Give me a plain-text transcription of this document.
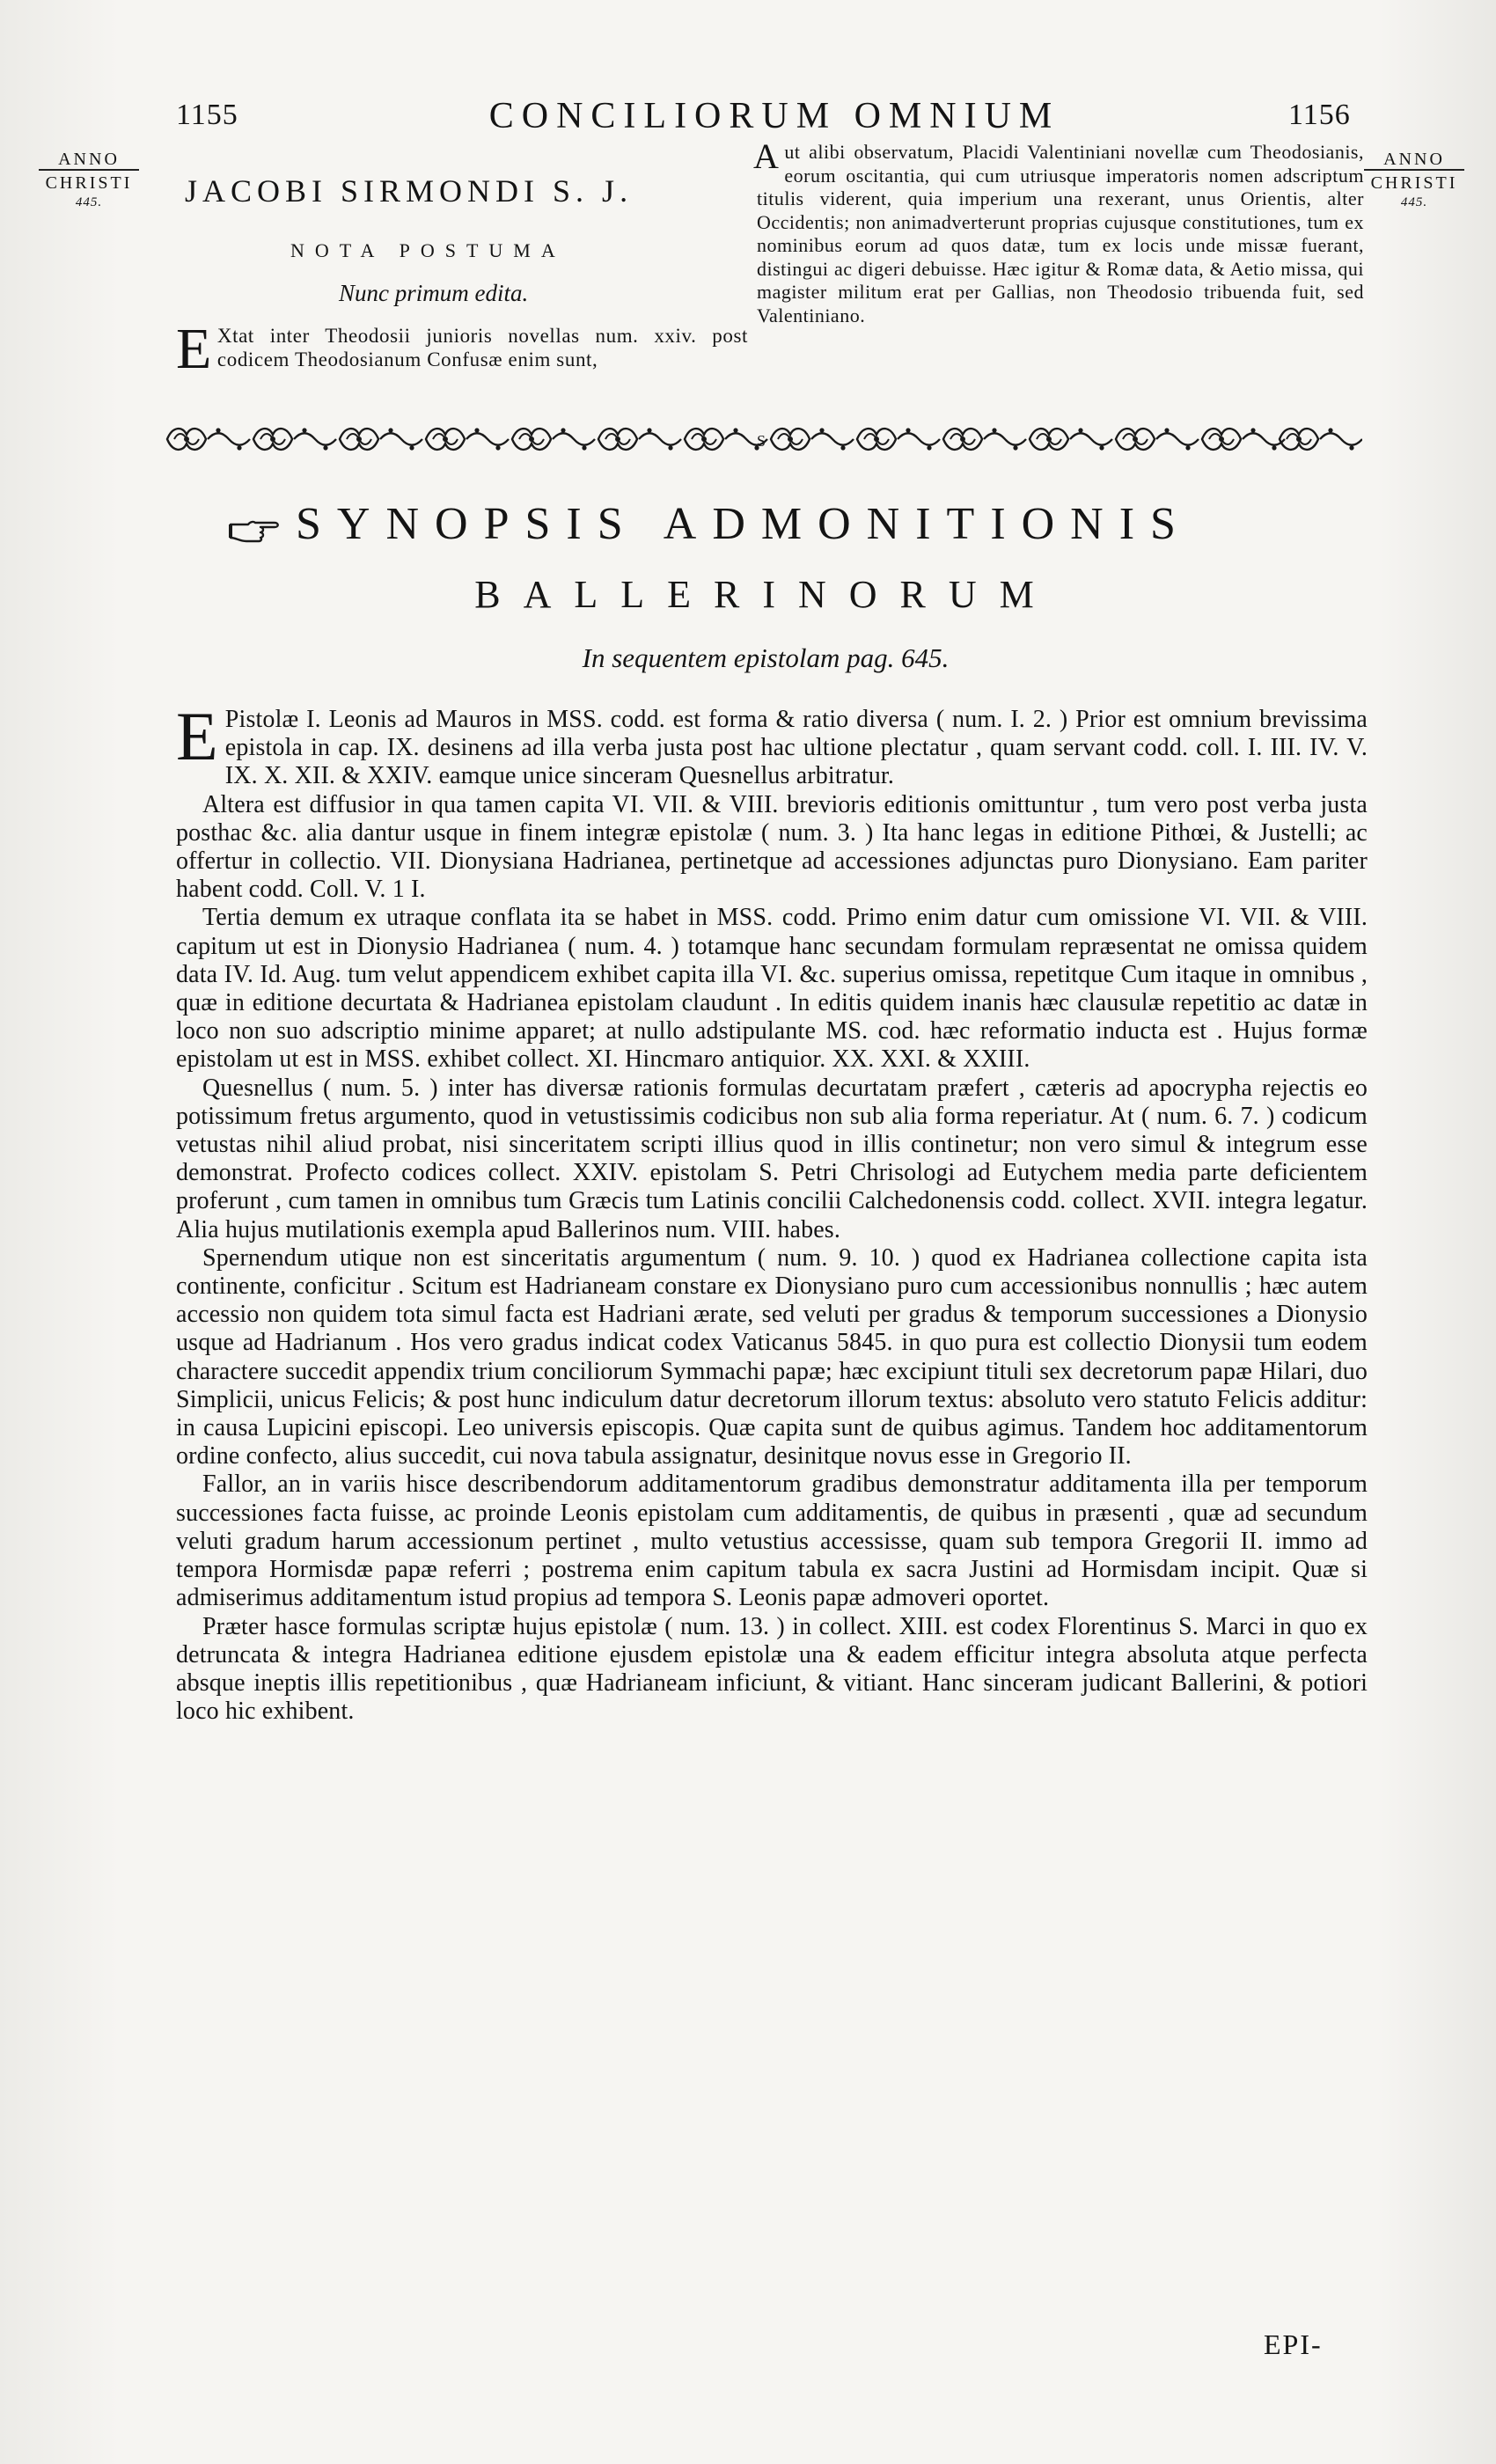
1155	CONCILIORUM OMNIUM	1156
ANNO
CHRISTI
445.
ANNO
CHRISTI
445.
JACOBI SIRMONDI S. J.
NOTA POSTUMA
Nunc primum edita.
E Xtat inter Theodosii junioris novellas num. xxiv. post codicem Theodosianum Confusæ enim sunt,
A ut alibi observatum, Placidi Valentiniani novellæ cum Theodosianis, eorum oscitantia, qui cum utriusque imperatoris nomen adscriptum titulis viderent, quia imperium una rexerant, unus Orientis, alter Occidentis; non animadverterunt proprias cujusque constitutiones, tum ex nominibus eorum ad quos datæ, tum ex locis unde missæ fuerant, distingui ac digeri debuisse. Hæc igitur & Romæ data, & Aetio missa, qui magister militum erat per Gallias, non Theodosio tribuenda fuit, sed Valentiniano.
S
SYNOPSIS ADMONITIONIS
BALLERINORUM
In sequentem epistolam pag. 645.

E Pistolæ I. Leonis ad Mauros in MSS. codd. est forma & ratio diversa ( num. I. 2. ) Prior est omnium brevissima epistola in cap. IX. desinens ad illa verba justa post hac ultione plectatur , quam servant codd. coll. I. III. IV. V. IX. X. XII. & XXIV. eamque unice sinceram Quesnellus arbitratur.

Altera est diffusior in qua tamen capita VI. VII. & VIII. brevioris editionis omittuntur , tum vero post verba justa posthac &c. alia dantur usque in finem integræ epistolæ ( num. 3. ) Ita hanc legas in editione Pithœi, & Justelli; ac offertur in collectio. VII. Dionysiana Hadrianea, pertinetque ad accessiones adjunctas puro Dionysiano. Eam pariter habent codd. Coll. V. 1 I.

Tertia demum ex utraque conflata ita se habet in MSS. codd. Primo enim datur cum omissione VI. VII. & VIII. capitum ut est in Dionysio Hadrianea ( num. 4. ) totamque hanc secundam formulam repræsentat ne omissa quidem data IV. Id. Aug. tum velut appendicem exhibet capita illa VI. &c. superius omissa, repetitque Cum itaque in omnibus , quæ in editione decurtata & Hadrianea epistolam claudunt . In editis quidem inanis hæc clausulæ repetitio ac datæ in loco non suo adscriptio minime apparet; at nullo adstipulante MS. cod. hæc reformatio inducta est . Hujus formæ epistolam ut est in MSS. exhibet collect. XI. Hincmaro antiquior. XX. XXI. & XXIII.

Quesnellus ( num. 5. ) inter has diversæ rationis formulas decurtatam præfert , cæteris ad apocrypha rejectis eo potissimum fretus argumento, quod in vetustissimis codicibus non sub alia forma reperiatur. At ( num. 6. 7. ) codicum vetustas nihil aliud probat, nisi sinceritatem scripti illius quod in illis continetur; non vero simul & integrum esse demonstrat. Profecto codices collect. XXIV. epistolam S. Petri Chrisologi ad Eutychem media parte deficientem proferunt , cum tamen in omnibus tum Græcis tum Latinis concilii Calchedonensis codd. collect. XVII. integra legatur. Alia hujus mutilationis exempla apud Ballerinos num. VIII. habes.

Spernendum utique non est sinceritatis argumentum ( num. 9. 10. ) quod ex Hadrianea collectione capita ista continente, conficitur . Scitum est Hadrianeam constare ex Dionysiano puro cum accessionibus nonnullis ; hæc autem accessio non quidem tota simul facta est Hadriani ærate, sed veluti per gradus & temporum successiones a Dionysio usque ad Hadrianum . Hos vero gradus indicat codex Vaticanus 5845. in quo pura est collectio Dionysii tum eodem charactere succedit appendix trium conciliorum Symmachi papæ; hæc excipiunt tituli sex decretorum papæ Hilari, duo Simplicii, unicus Felicis; & post hunc indiculum datur decretorum illorum textus: absoluto vero statuto Felicis additur: in causa Lupicini episcopi. Leo universis episcopis. Quæ capita sunt de quibus agimus. Tandem hoc additamentorum ordine confecto, alius succedit, cui nova tabula assignatur, desinitque novus esse in Gregorio II.

Fallor, an in variis hisce describendorum additamentorum gradibus demonstratur additamenta illa per temporum successiones facta fuisse, ac proinde Leonis epistolam cum additamentis, de quibus in præsenti , quæ ad secundum veluti gradum harum accessionum pertinet , multo vetustius accessisse, quam sub tempora Gregorii II. immo ad tempora Hormisdæ papæ referri ; postrema enim capitum tabula ex sacra Justini ad Hormisdam incipit. Quæ si admiserimus additamentum istud propius ad tempora S. Leonis papæ admoveri oportet.

Præter hasce formulas scriptæ hujus epistolæ ( num. 13. ) in collect. XIII. est codex Florentinus S. Marci in quo ex detruncata & integra Hadrianea editione ejusdem epistolæ una & eadem efficitur integra absoluta atque perfecta absque ineptis illis repetitionibus , quæ Hadrianeam inficiunt, & vitiant. Hanc sinceram judicant Ballerini, & potiori loco hic exhibent.

EPI-
